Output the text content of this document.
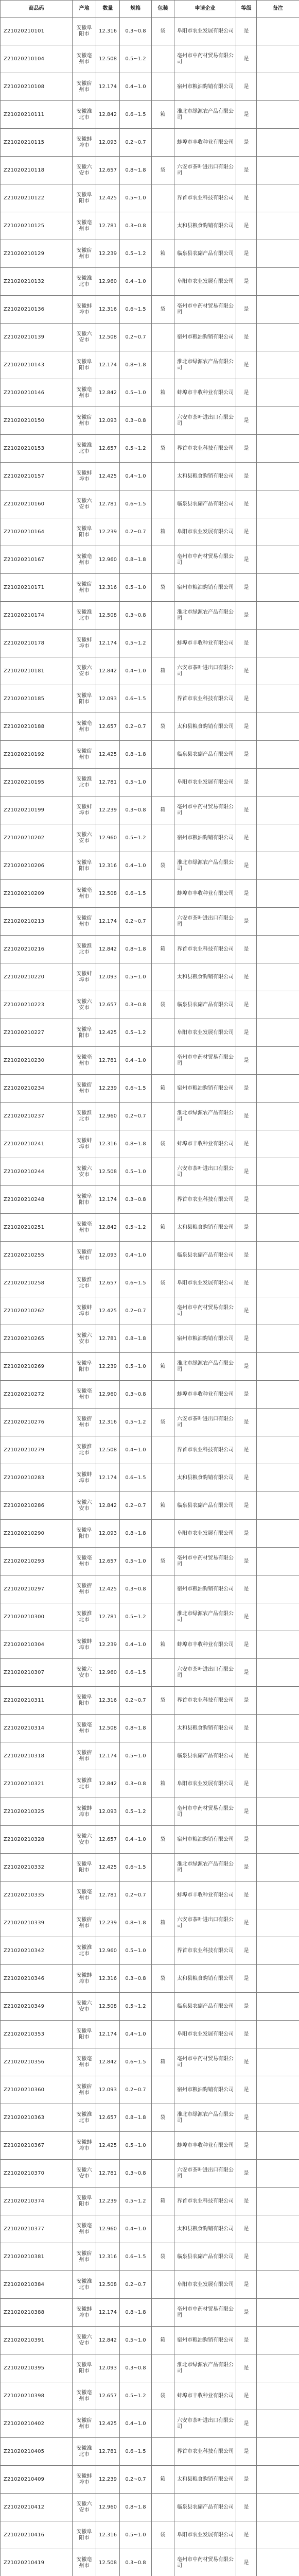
商品码	产地	数量	规格	包装	申请企业	等级	备注
Z21020210101	安徽阜阳市	12.316	0.3~0.8	袋	阜阳市农业发展有限公司	是	
Z21020210104	安徽亳州市	12.508	0.5~1.2		亳州市中药材贸易有限公司	是	
Z21020210108	安徽宿州市	12.174	0.4~1.0		宿州市粮油购销有限公司	是	
Z21020210111	安徽淮北市	12.842	0.6~1.5	箱	淮北市绿源农产品有限公司	是	
Z21020210115	安徽蚌埠市	12.093	0.2~0.7		蚌埠市丰收种业有限公司	是	
Z21020210118	安徽六安市	12.657	0.8~1.8	袋	六安市茶叶进出口有限公司	是	
Z21020210122	安徽阜阳市	12.425	0.5~1.0		界首市农业科技有限公司	是	
Z21020210125	安徽亳州市	12.781	0.3~0.8		太和县粮食购销有限公司	是	
Z21020210129	安徽宿州市	12.239	0.5~1.2	箱	临泉县农副产品有限公司	是	
Z21020210132	安徽淮北市	12.960	0.4~1.0		阜阳市农业发展有限公司	是	
Z21020210136	安徽蚌埠市	12.316	0.6~1.5	袋	亳州市中药材贸易有限公司	是	
Z21020210139	安徽六安市	12.508	0.2~0.7		宿州市粮油购销有限公司	是	
Z21020210143	安徽阜阳市	12.174	0.8~1.8		淮北市绿源农产品有限公司	是	
Z21020210146	安徽亳州市	12.842	0.5~1.0	箱	蚌埠市丰收种业有限公司	是	
Z21020210150	安徽宿州市	12.093	0.3~0.8		六安市茶叶进出口有限公司	是	
Z21020210153	安徽淮北市	12.657	0.5~1.2	袋	界首市农业科技有限公司	是	
Z21020210157	安徽蚌埠市	12.425	0.4~1.0		太和县粮食购销有限公司	是	
Z21020210160	安徽六安市	12.781	0.6~1.5		临泉县农副产品有限公司	是	
Z21020210164	安徽阜阳市	12.239	0.2~0.7	箱	阜阳市农业发展有限公司	是	
Z21020210167	安徽亳州市	12.960	0.8~1.8		亳州市中药材贸易有限公司	是	
Z21020210171	安徽宿州市	12.316	0.5~1.0	袋	宿州市粮油购销有限公司	是	
Z21020210174	安徽淮北市	12.508	0.3~0.8		淮北市绿源农产品有限公司	是	
Z21020210178	安徽蚌埠市	12.174	0.5~1.2		蚌埠市丰收种业有限公司	是	
Z21020210181	安徽六安市	12.842	0.4~1.0	箱	六安市茶叶进出口有限公司	是	
Z21020210185	安徽阜阳市	12.093	0.6~1.5		界首市农业科技有限公司	是	
Z21020210188	安徽亳州市	12.657	0.2~0.7	袋	太和县粮食购销有限公司	是	
Z21020210192	安徽宿州市	12.425	0.8~1.8		临泉县农副产品有限公司	是	
Z21020210195	安徽淮北市	12.781	0.5~1.0		阜阳市农业发展有限公司	是	
Z21020210199	安徽蚌埠市	12.239	0.3~0.8	箱	亳州市中药材贸易有限公司	是	
Z21020210202	安徽六安市	12.960	0.5~1.2		宿州市粮油购销有限公司	是	
Z21020210206	安徽阜阳市	12.316	0.4~1.0	袋	淮北市绿源农产品有限公司	是	
Z21020210209	安徽亳州市	12.508	0.6~1.5		蚌埠市丰收种业有限公司	是	
Z21020210213	安徽宿州市	12.174	0.2~0.7		六安市茶叶进出口有限公司	是	
Z21020210216	安徽淮北市	12.842	0.8~1.8	箱	界首市农业科技有限公司	是	
Z21020210220	安徽蚌埠市	12.093	0.5~1.0		太和县粮食购销有限公司	是	
Z21020210223	安徽六安市	12.657	0.3~0.8	袋	临泉县农副产品有限公司	是	
Z21020210227	安徽阜阳市	12.425	0.5~1.2		阜阳市农业发展有限公司	是	
Z21020210230	安徽亳州市	12.781	0.4~1.0		亳州市中药材贸易有限公司	是	
Z21020210234	安徽宿州市	12.239	0.6~1.5	箱	宿州市粮油购销有限公司	是	
Z21020210237	安徽淮北市	12.960	0.2~0.7		淮北市绿源农产品有限公司	是	
Z21020210241	安徽蚌埠市	12.316	0.8~1.8	袋	蚌埠市丰收种业有限公司	是	
Z21020210244	安徽六安市	12.508	0.5~1.0		六安市茶叶进出口有限公司	是	
Z21020210248	安徽阜阳市	12.174	0.3~0.8		界首市农业科技有限公司	是	
Z21020210251	安徽亳州市	12.842	0.5~1.2	箱	太和县粮食购销有限公司	是	
Z21020210255	安徽宿州市	12.093	0.4~1.0		临泉县农副产品有限公司	是	
Z21020210258	安徽淮北市	12.657	0.6~1.5	袋	阜阳市农业发展有限公司	是	
Z21020210262	安徽蚌埠市	12.425	0.2~0.7		亳州市中药材贸易有限公司	是	
Z21020210265	安徽六安市	12.781	0.8~1.8		宿州市粮油购销有限公司	是	
Z21020210269	安徽阜阳市	12.239	0.5~1.0	箱	淮北市绿源农产品有限公司	是	
Z21020210272	安徽亳州市	12.960	0.3~0.8		蚌埠市丰收种业有限公司	是	
Z21020210276	安徽宿州市	12.316	0.5~1.2	袋	六安市茶叶进出口有限公司	是	
Z21020210279	安徽淮北市	12.508	0.4~1.0		界首市农业科技有限公司	是	
Z21020210283	安徽蚌埠市	12.174	0.6~1.5		太和县粮食购销有限公司	是	
Z21020210286	安徽六安市	12.842	0.2~0.7	箱	临泉县农副产品有限公司	是	
Z21020210290	安徽阜阳市	12.093	0.8~1.8		阜阳市农业发展有限公司	是	
Z21020210293	安徽亳州市	12.657	0.5~1.0	袋	亳州市中药材贸易有限公司	是	
Z21020210297	安徽宿州市	12.425	0.3~0.8		宿州市粮油购销有限公司	是	
Z21020210300	安徽淮北市	12.781	0.5~1.2		淮北市绿源农产品有限公司	是	
Z21020210304	安徽蚌埠市	12.239	0.4~1.0	箱	蚌埠市丰收种业有限公司	是	
Z21020210307	安徽六安市	12.960	0.6~1.5		六安市茶叶进出口有限公司	是	
Z21020210311	安徽阜阳市	12.316	0.2~0.7	袋	界首市农业科技有限公司	是	
Z21020210314	安徽亳州市	12.508	0.8~1.8		太和县粮食购销有限公司	是	
Z21020210318	安徽宿州市	12.174	0.5~1.0		临泉县农副产品有限公司	是	
Z21020210321	安徽淮北市	12.842	0.3~0.8	箱	阜阳市农业发展有限公司	是	
Z21020210325	安徽蚌埠市	12.093	0.5~1.2		亳州市中药材贸易有限公司	是	
Z21020210328	安徽六安市	12.657	0.4~1.0	袋	宿州市粮油购销有限公司	是	
Z21020210332	安徽阜阳市	12.425	0.6~1.5		淮北市绿源农产品有限公司	是	
Z21020210335	安徽亳州市	12.781	0.2~0.7		蚌埠市丰收种业有限公司	是	
Z21020210339	安徽宿州市	12.239	0.8~1.8	箱	六安市茶叶进出口有限公司	是	
Z21020210342	安徽淮北市	12.960	0.5~1.0		界首市农业科技有限公司	是	
Z21020210346	安徽蚌埠市	12.316	0.3~0.8	袋	太和县粮食购销有限公司	是	
Z21020210349	安徽六安市	12.508	0.5~1.2		临泉县农副产品有限公司	是	
Z21020210353	安徽阜阳市	12.174	0.4~1.0		阜阳市农业发展有限公司	是	
Z21020210356	安徽亳州市	12.842	0.6~1.5	箱	亳州市中药材贸易有限公司	是	
Z21020210360	安徽宿州市	12.093	0.2~0.7		宿州市粮油购销有限公司	是	
Z21020210363	安徽淮北市	12.657	0.8~1.8	袋	淮北市绿源农产品有限公司	是	
Z21020210367	安徽蚌埠市	12.425	0.5~1.0		蚌埠市丰收种业有限公司	是	
Z21020210370	安徽六安市	12.781	0.3~0.8		六安市茶叶进出口有限公司	是	
Z21020210374	安徽阜阳市	12.239	0.5~1.2	箱	界首市农业科技有限公司	是	
Z21020210377	安徽亳州市	12.960	0.4~1.0		太和县粮食购销有限公司	是	
Z21020210381	安徽宿州市	12.316	0.6~1.5	袋	临泉县农副产品有限公司	是	
Z21020210384	安徽淮北市	12.508	0.2~0.7		阜阳市农业发展有限公司	是	
Z21020210388	安徽蚌埠市	12.174	0.8~1.8		亳州市中药材贸易有限公司	是	
Z21020210391	安徽六安市	12.842	0.5~1.0	箱	宿州市粮油购销有限公司	是	
Z21020210395	安徽阜阳市	12.093	0.3~0.8		淮北市绿源农产品有限公司	是	
Z21020210398	安徽亳州市	12.657	0.5~1.2	袋	蚌埠市丰收种业有限公司	是	
Z21020210402	安徽宿州市	12.425	0.4~1.0		六安市茶叶进出口有限公司	是	
Z21020210405	安徽淮北市	12.781	0.6~1.5		界首市农业科技有限公司	是	
Z21020210409	安徽蚌埠市	12.239	0.2~0.7	箱	太和县粮食购销有限公司	是	
Z21020210412	安徽六安市	12.960	0.8~1.8		临泉县农副产品有限公司	是	
Z21020210416	安徽阜阳市	12.316	0.5~1.0	袋	阜阳市农业发展有限公司	是	
Z21020210419	安徽亳州市	12.508	0.3~0.8		亳州市中药材贸易有限公司	是	
